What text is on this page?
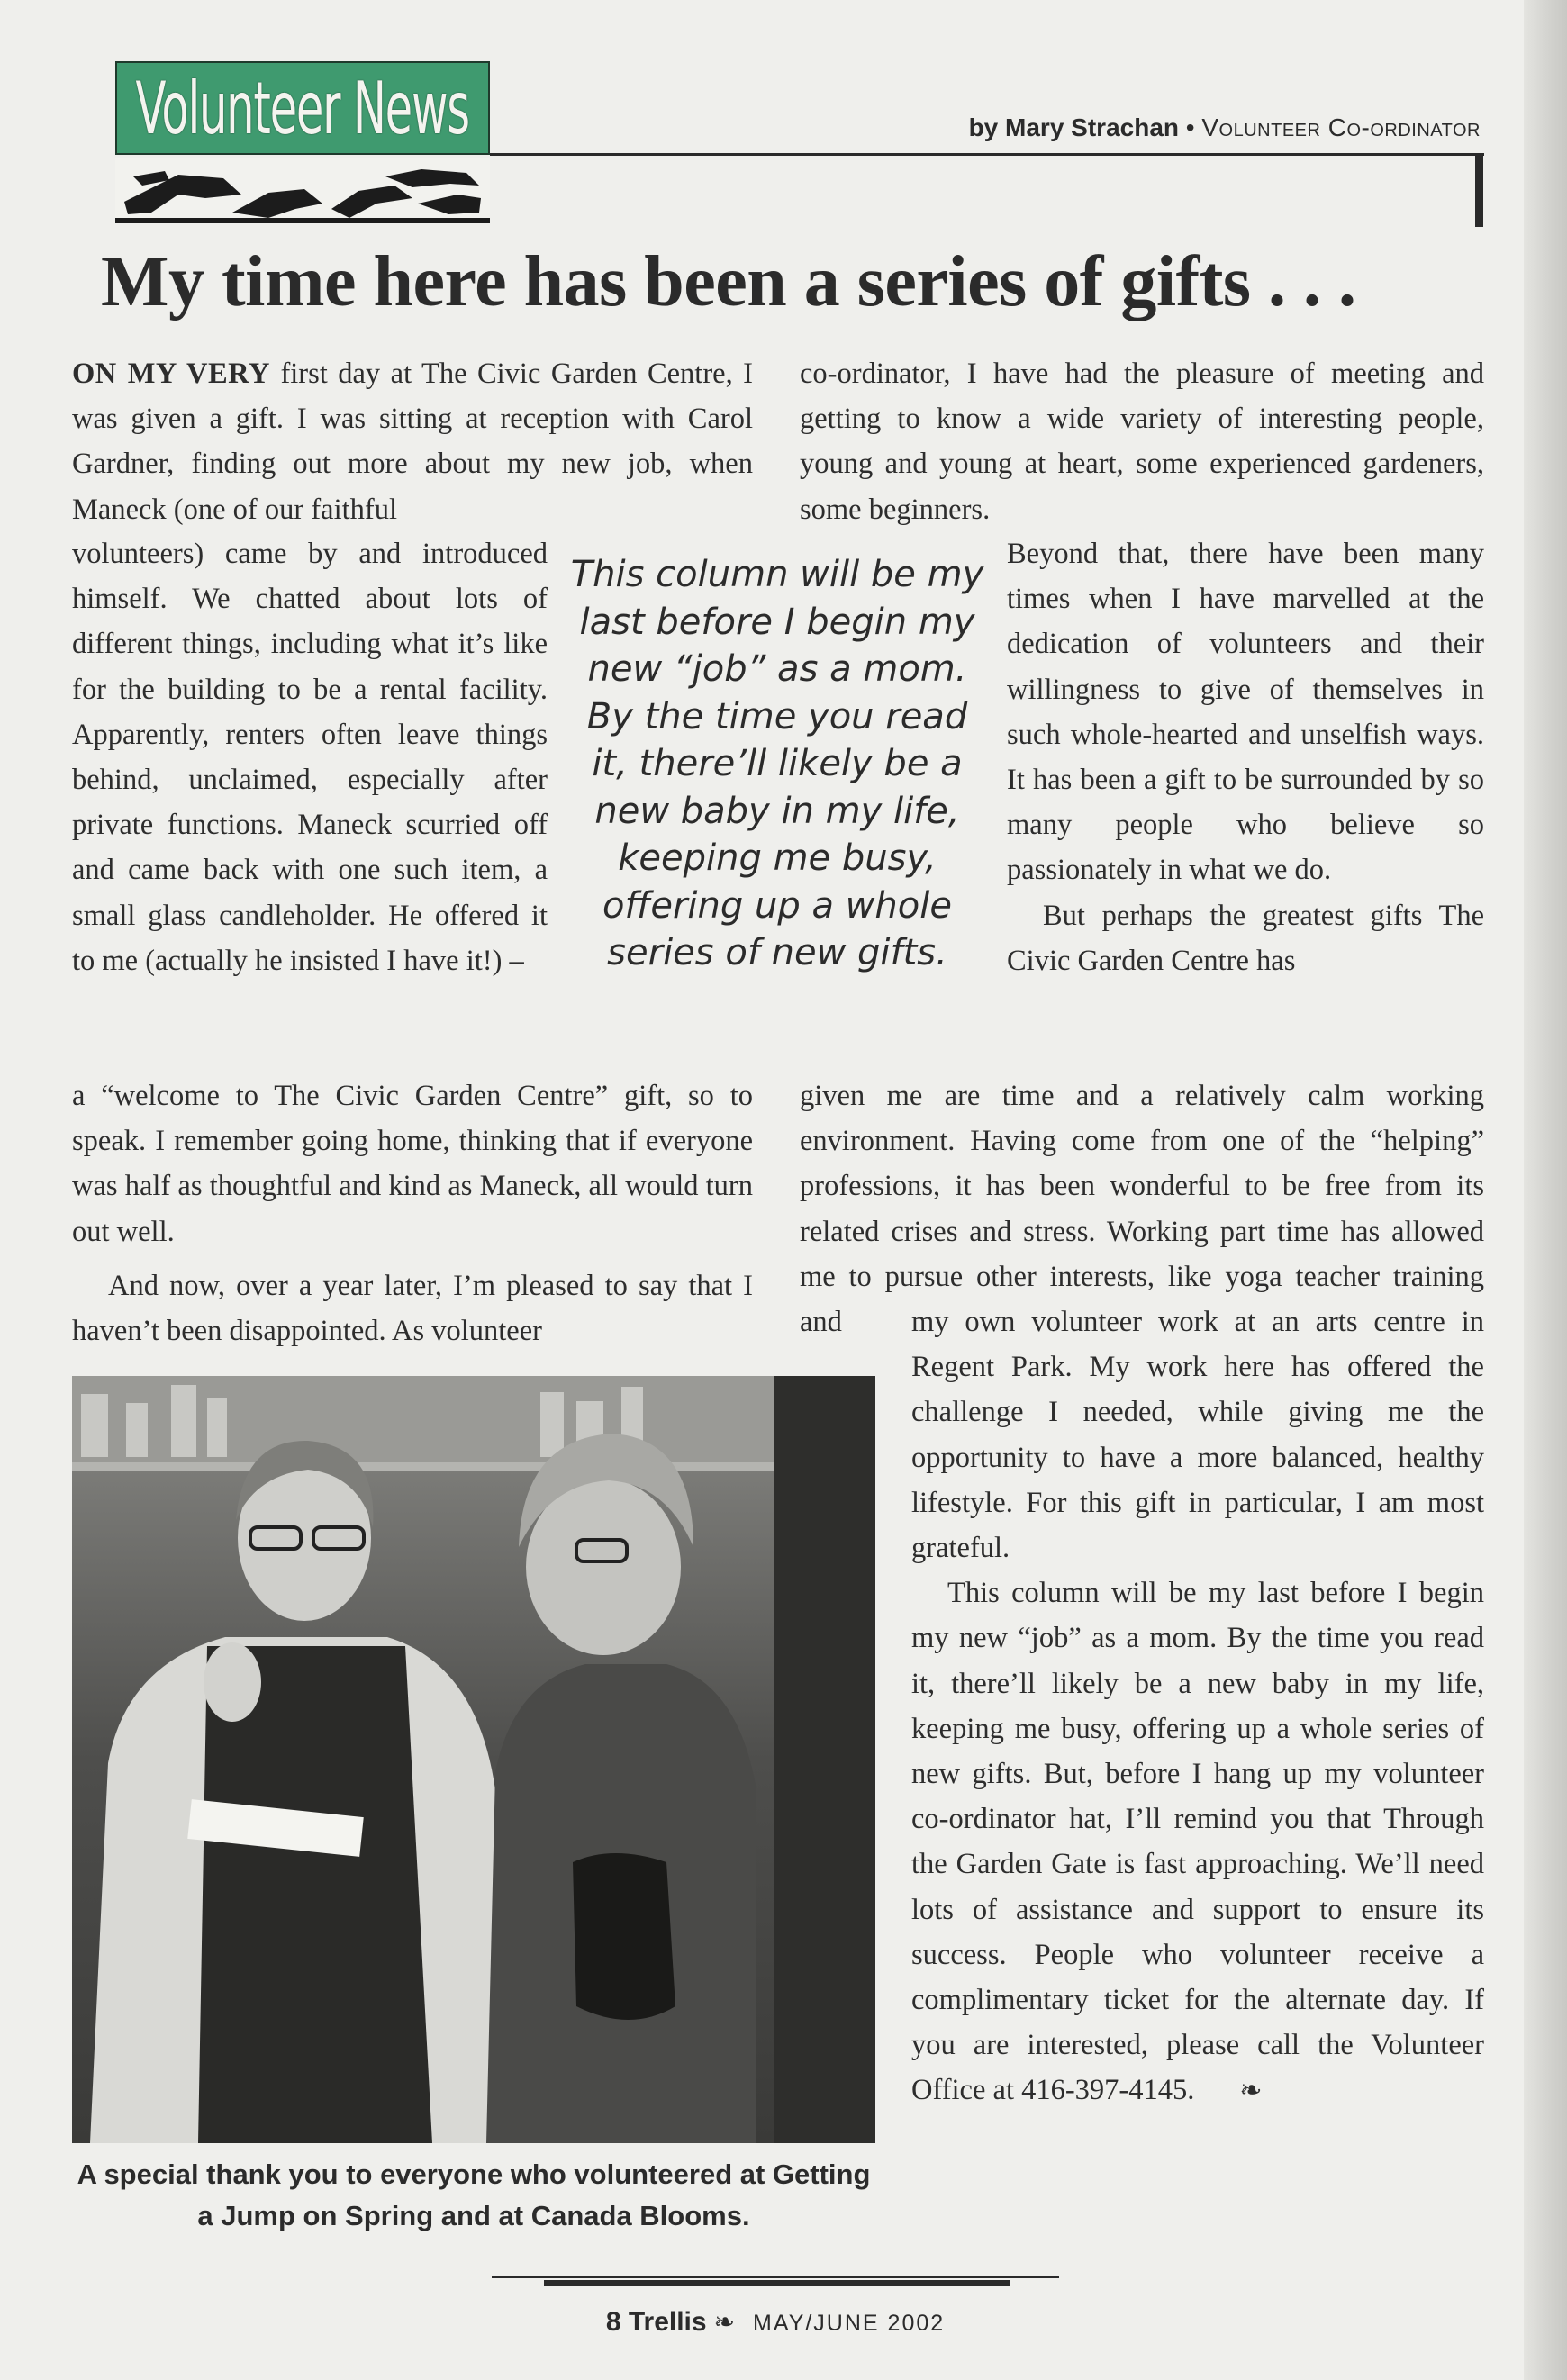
Volunteer News	by Mary Strachan • Volunteer Co-ordinator
My time here has been a series of gifts . . .

ON MY VERY first day at The Civic Garden Centre, I was given a gift. I was sitting at reception with Carol Gardner, finding out more about my new job, when Maneck (one of our faithful

volunteers) came by and introduced himself. We chatted about lots of different things, including what it’s like for the building to be a rental facility. Apparently, renters often leave things behind, unclaimed, especially after private functions. Maneck scurried off and came back with one such item, a small glass candleholder. He offered it to me (actually he insisted I have it!) –

a “welcome to The Civic Garden Centre” gift, so to speak. I remember going home, thinking that if everyone was half as thoughtful and kind as Maneck, all would turn out well.

And now, over a year later, I’m pleased to say that I haven’t been disappointed. As volunteer

This column will be my last before I begin my new “job” as a mom. By the time you read it, there’ll likely be a new baby in my life, keeping me busy, offering up a whole series of new gifts.

co-ordinator, I have had the pleasure of meeting and getting to know a wide variety of interesting people, young and young at heart, some experienced gardeners, some beginners.

Beyond that, there have been many times when I have marvelled at the dedication of volunteers and their willingness to give of themselves in such whole-hearted and unselfish ways. It has been a gift to be surrounded by so many people who believe so passionately in what we do.

But perhaps the greatest gifts The Civic Garden Centre has

given me are time and a relatively calm working environment. Having come from one of the “helping” professions, it has been wonderful to be free from its related crises and stress. Working part time has allowed me to pursue other interests, like yoga teacher training and	my own volunteer work at an arts centre in Regent Park. My work here has offered the challenge I needed, while giving me the opportunity to have a more balanced, healthy lifestyle. For this gift in particular, I am most grateful.

This column will be my last before I begin my new “job” as a mom. By the time you read it, there’ll likely be a new baby in my life, keeping me busy, offering up a whole series of new gifts. But, before I hang up my volunteer co-ordinator hat, I’ll remind you that Through the Garden Gate is fast approaching. We’ll need lots of assistance and support to ensure its success. People who volunteer receive a complimentary ticket for the alternate day. If you are interested, please call the Volunteer Office at 416-397-4145. ❧

A special thank you to everyone who volunteered at Getting a Jump on Spring and at Canada Blooms.
8 Trellis ❧ MAY/JUNE 2002
